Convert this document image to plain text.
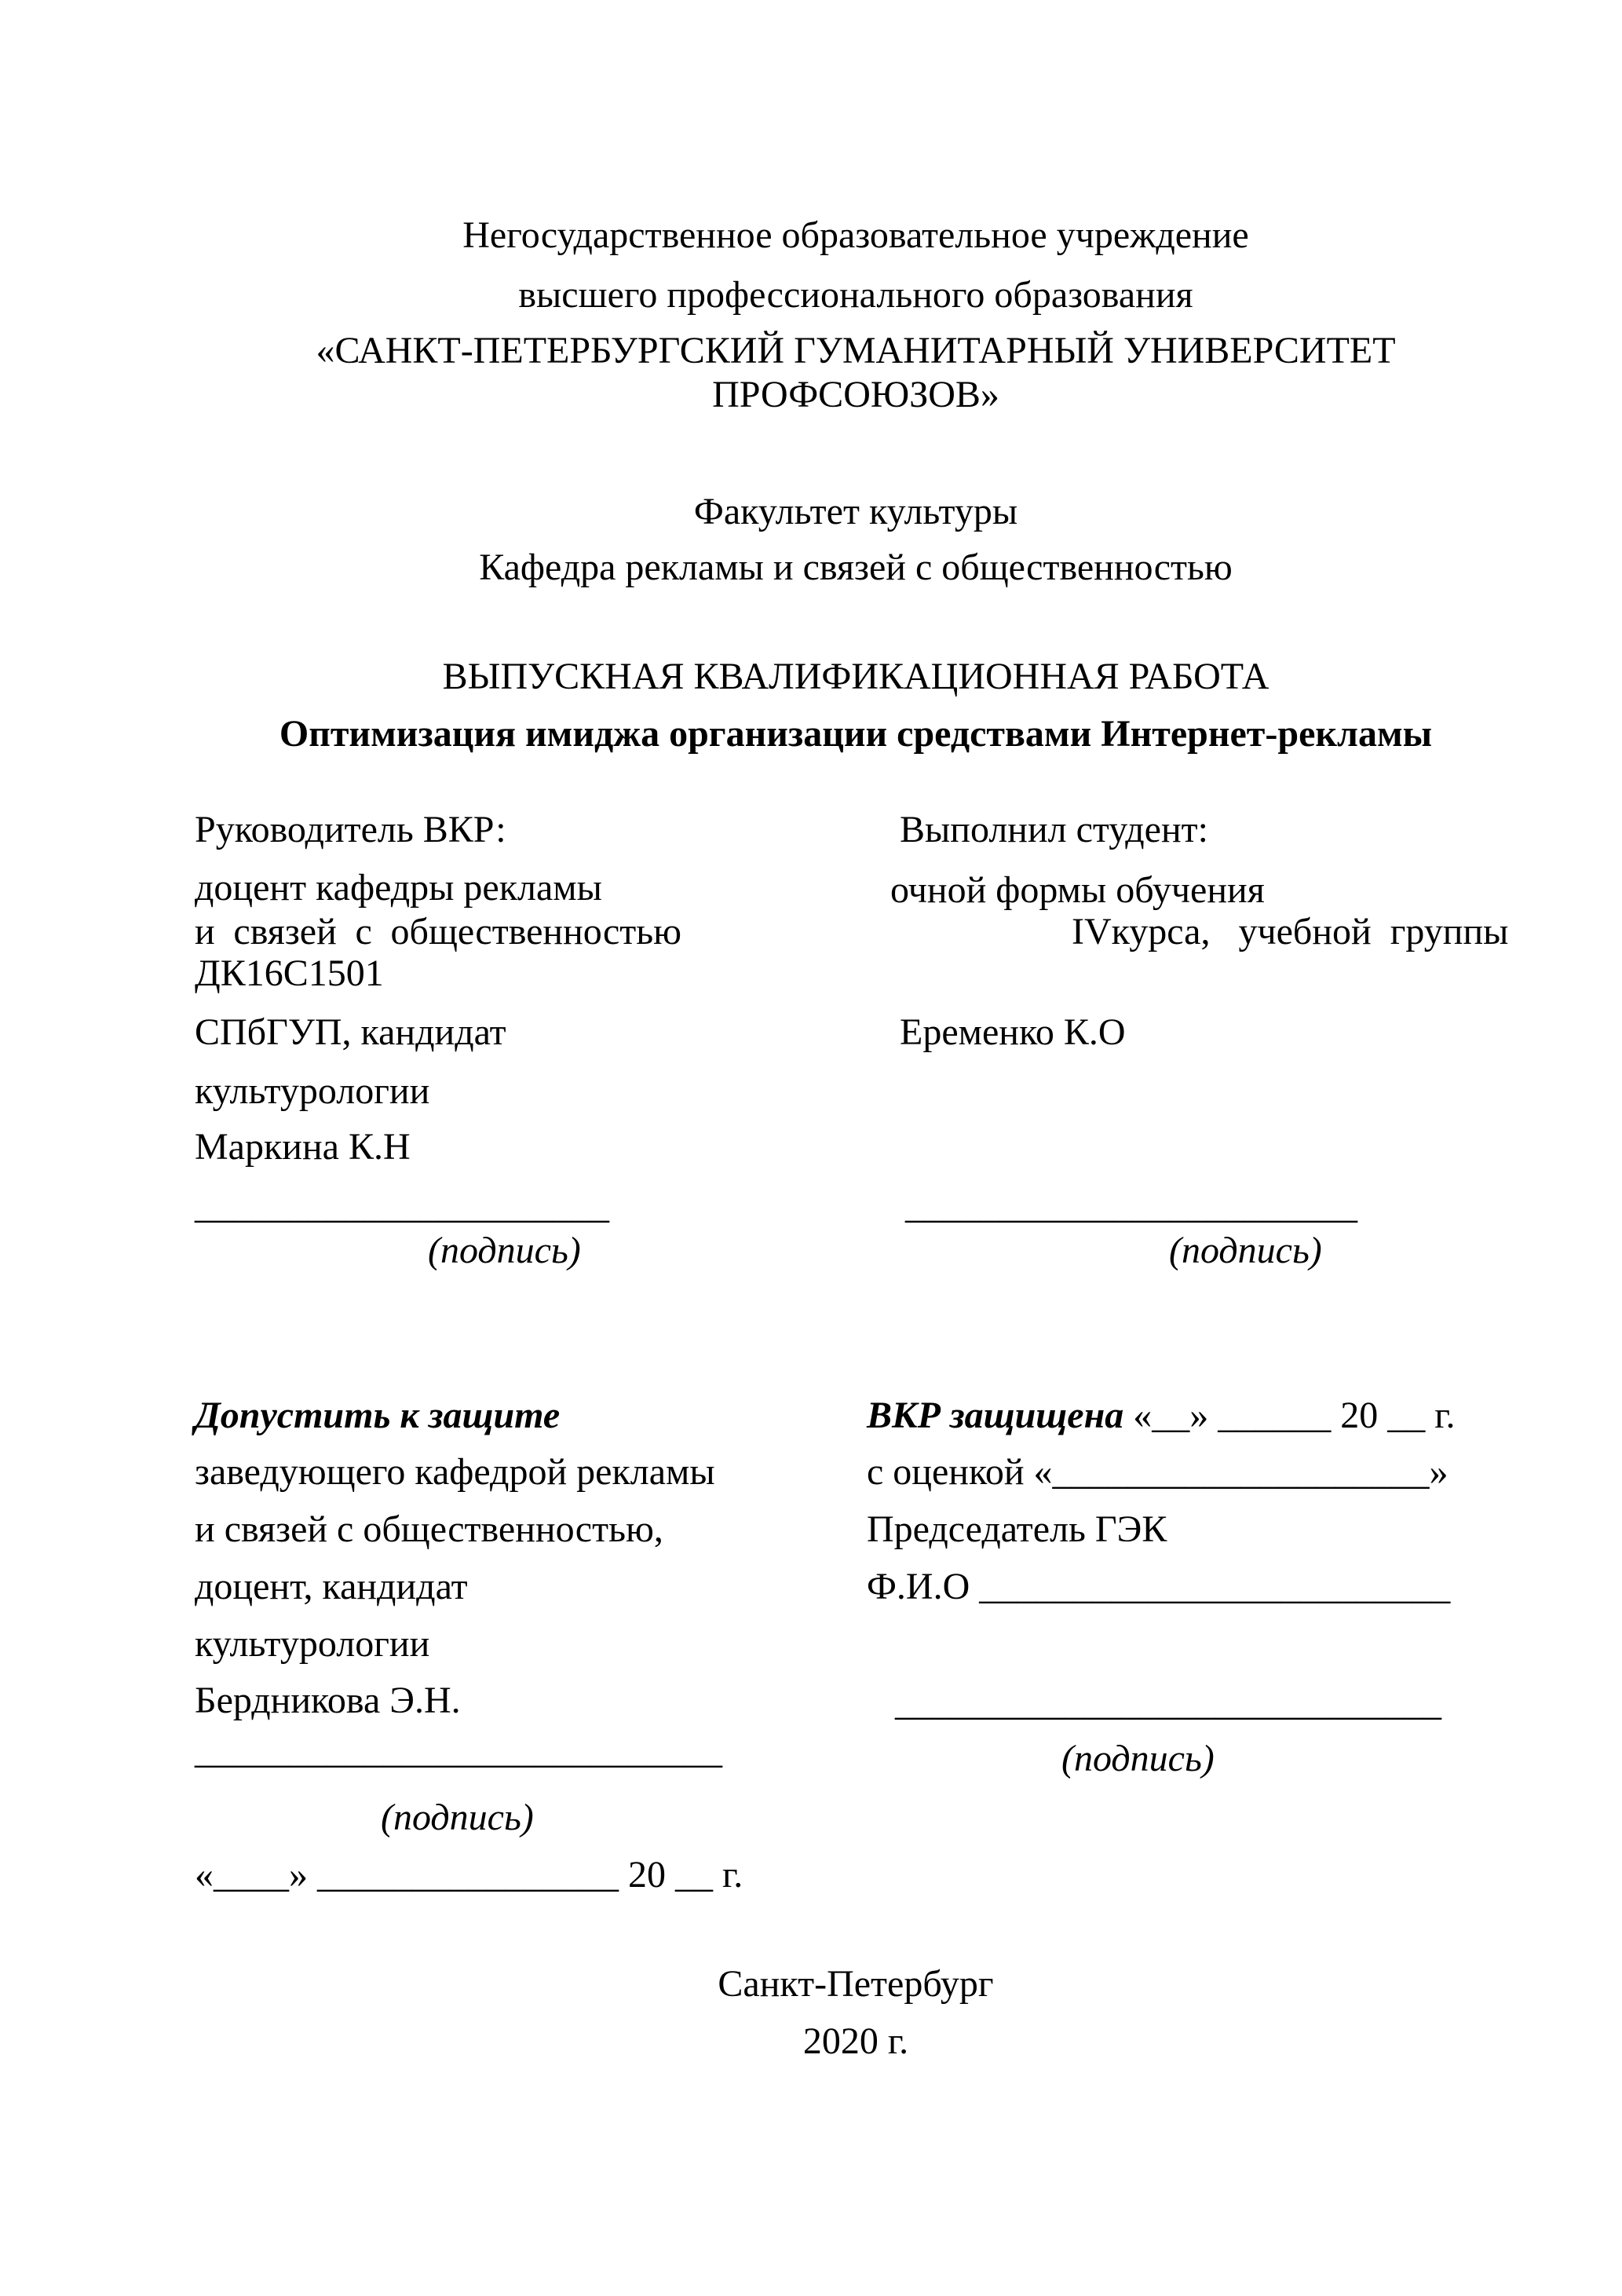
Негосударственное образовательное учреждение
высшего профессионального образования
«САНКТ-ПЕТЕРБУРГСКИЙ ГУМАНИТАРНЫЙ УНИВЕРСИТЕТ
ПРОФСОЮЗОВ»
Факультет культуры
Кафедра рекламы и связей с общественностью
ВЫПУСКНАЯ КВАЛИФИКАЦИОННАЯ РАБОТА
Оптимизация имиджа организации средствами Интернет-рекламы
Руководитель ВКР:
доцент кафедры рекламы
и связей с общественностью
ДК16С1501
СПбГУП, кандидат
культурологии
Маркина К.Н
______________________
(подпись)
Выполнил студент:
очной формы обучения
IVкурса,   учебной  группы
Еременко К.О
________________________
(подпись)
Допустить к защите
заведующего кафедрой рекламы
и связей с общественностью,
доцент, кандидат
культурологии
Бердникова Э.Н.
____________________________
(подпись)
«____» ________________ 20 __ г.
ВКР защищена «__» ______ 20 __ г.
с оценкой «____________________»
Председатель ГЭК
Ф.И.О _________________________
_____________________________
(подпись)
Санкт-Петербург
2020 г.
